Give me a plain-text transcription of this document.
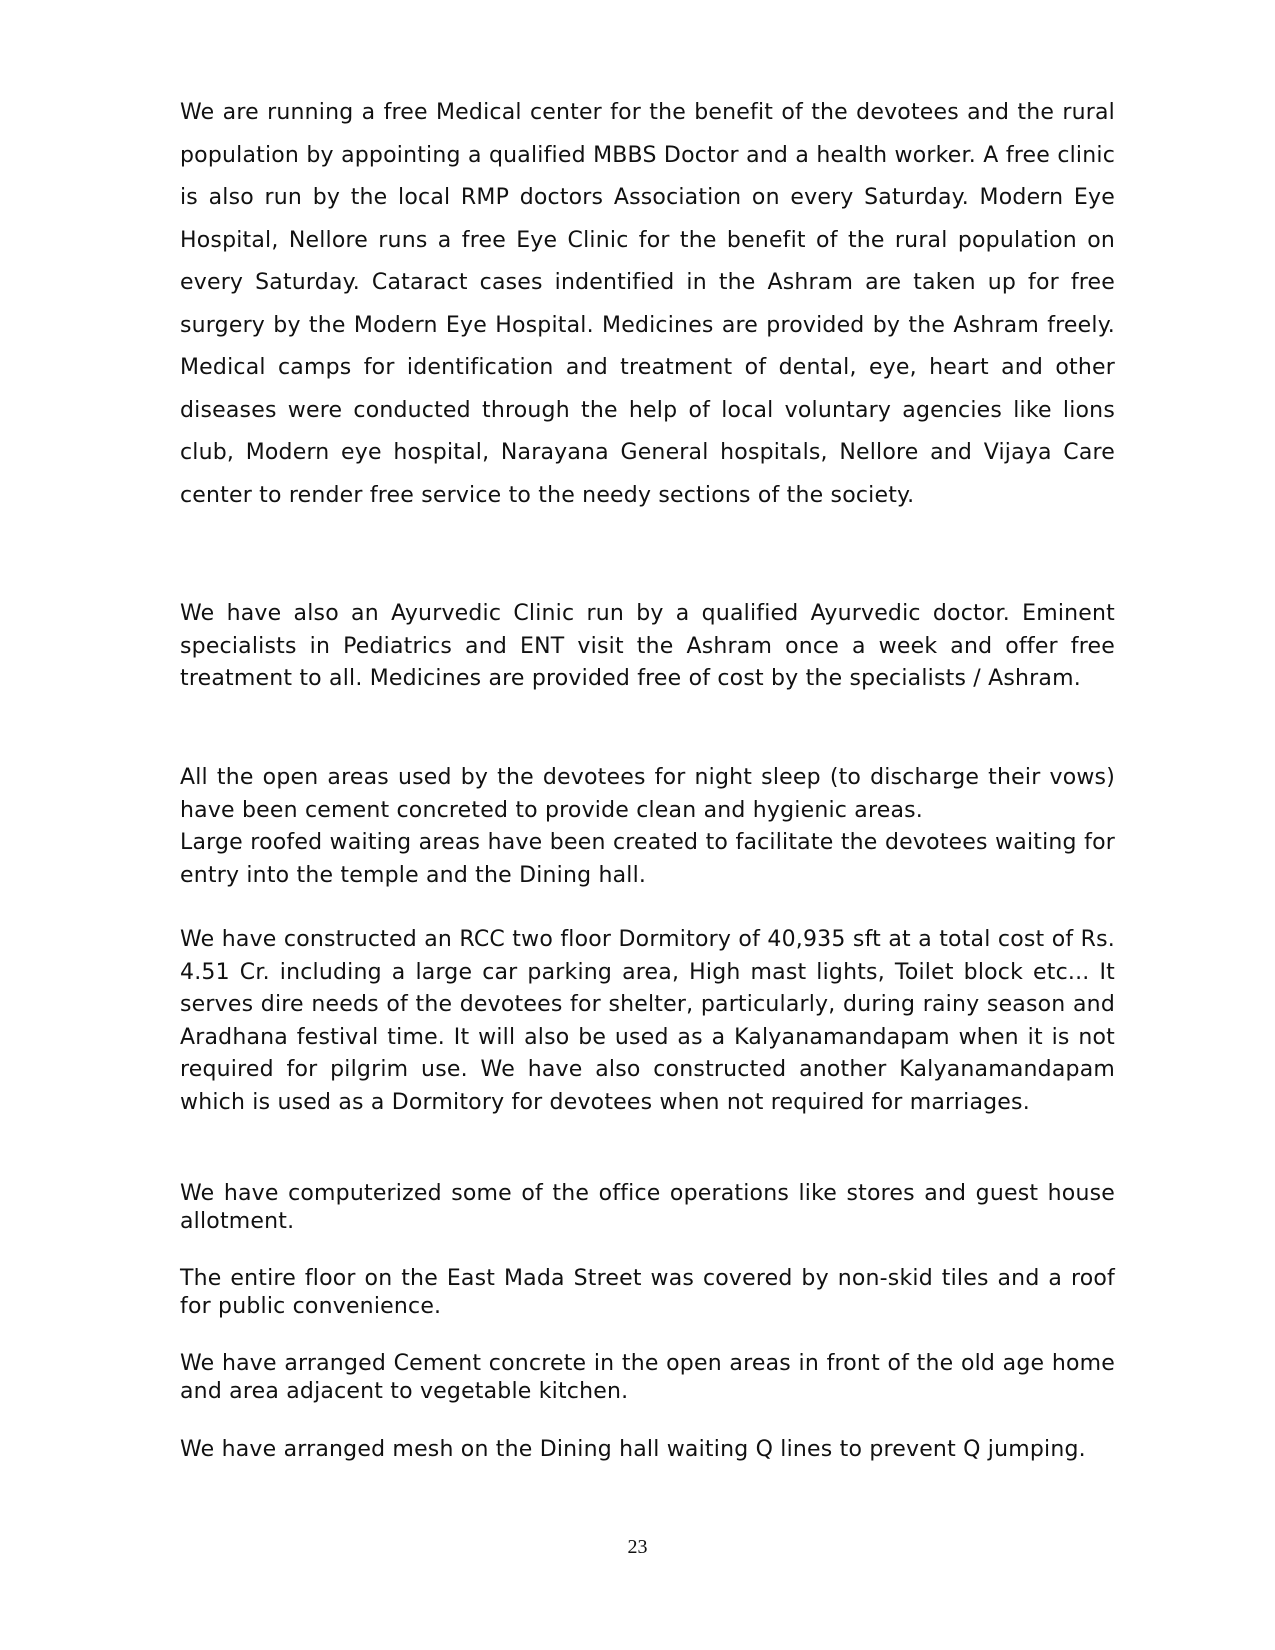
We are running a free Medical center for the benefit of the devotees and the rural population by appointing a qualified MBBS Doctor and a health worker. A free clinic is also run by the local RMP doctors Association on every Saturday. Modern Eye Hospital, Nellore runs a free Eye Clinic for the benefit of the rural population on every Saturday. Cataract cases indentified in the Ashram are taken up for free surgery by the Modern Eye Hospital. Medicines are provided by the Ashram freely. Medical camps for identification and treatment of dental, eye, heart and other diseases were conducted through the help of local voluntary agencies like lions club, Modern eye hospital, Narayana General hospitals, Nellore and Vijaya Care center to render free service to the needy sections of the society.

We have also an Ayurvedic Clinic run by a qualified Ayurvedic doctor. Eminent specialists in Pediatrics and ENT visit the Ashram once a week and offer free treatment to all. Medicines are provided free of cost by the specialists / Ashram.

All the open areas used by the devotees for night sleep (to discharge their vows) have been cement concreted to provide clean and hygienic areas.
Large roofed waiting areas have been created to facilitate the devotees waiting for entry into the temple and the Dining hall.

We have constructed an RCC two floor Dormitory of 40,935 sft at a total cost of Rs. 4.51 Cr. including a large car parking area, High mast lights, Toilet block etc... It serves dire needs of the devotees for shelter, particularly, during rainy season and Aradhana festival time. It will also be used as a Kalyanamandapam when it is not required for pilgrim use. We have also constructed another Kalyanamandapam which is used as a Dormitory for devotees when not required for marriages.

We have computerized some of the office operations like stores and guest house allotment.

The entire floor on the East Mada Street was covered by non-skid tiles and a roof for public convenience.

We have arranged Cement concrete in the open areas in front of the old age home and area adjacent to vegetable kitchen.

We have arranged mesh on the Dining hall waiting Q lines to prevent Q jumping.

23
